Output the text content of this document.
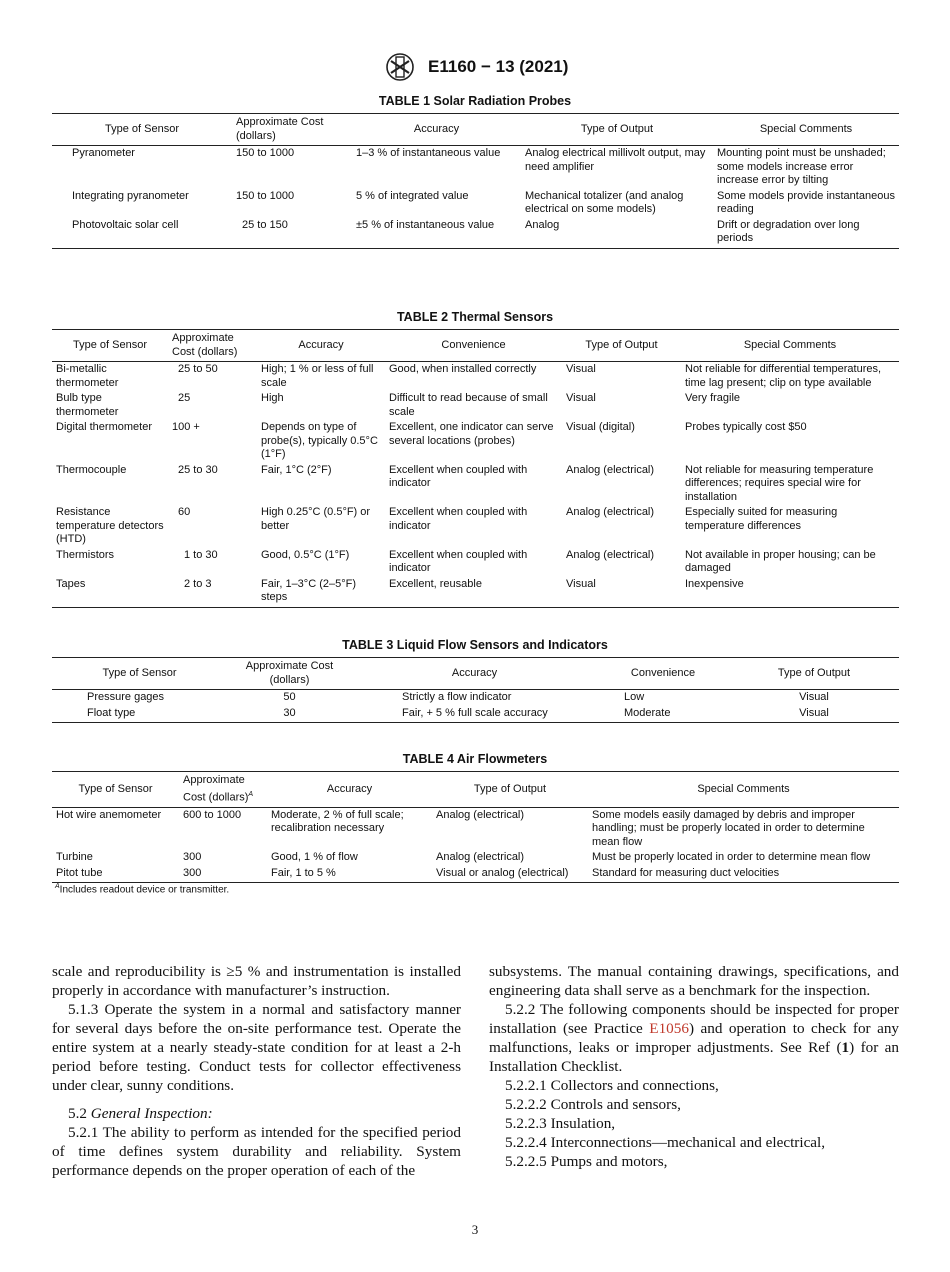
E1160 − 13 (2021)
TABLE 1 Solar Radiation Probes
Type of Sensor	Approximate Cost (dollars)	Accuracy	Type of Output	Special Comments
Pyranometer	150 to 1000	1–3 % of instantaneous value	Analog electrical millivolt output, may need amplifier	Mounting point must be unshaded; some models increase error increase error by tilting
Integrating pyranometer	150 to 1000	5 % of integrated value	Mechanical totalizer (and analog electrical on some models)	Some models provide instantaneous reading
Photovoltaic solar cell	25 to 150	±5 % of instantaneous value	Analog	Drift or degradation over long periods
TABLE 2 Thermal Sensors
Type of Sensor	Approximate Cost (dollars)	Accuracy	Convenience	Type of Output	Special Comments
Bi-metallic thermometer	25 to 50	High; 1 % or less of full scale	Good, when installed correctly	Visual	Not reliable for differential temperatures, time lag present; clip on type available
Bulb type thermometer	25	High	Difficult to read because of small scale	Visual	Very fragile
Digital thermometer	100 +	Depends on type of probe(s), typically 0.5°C (1°F)	Excellent, one indicator can serve several locations (probes)	Visual (digital)	Probes typically cost $50
Thermocouple	25 to 30	Fair, 1°C (2°F)	Excellent when coupled with indicator	Analog (electrical)	Not reliable for measuring temperature differences; requires special wire for installation
Resistance temperature detectors (HTD)	60	High 0.25°C (0.5°F) or better	Excellent when coupled with indicator	Analog (electrical)	Especially suited for measuring temperature differences
Thermistors	1 to 30	Good, 0.5°C (1°F)	Excellent when coupled with indicator	Analog (electrical)	Not available in proper housing; can be damaged
Tapes	2 to 3	Fair, 1–3°C (2–5°F) steps	Excellent, reusable	Visual	Inexpensive
TABLE 3 Liquid Flow Sensors and Indicators
Type of Sensor	Approximate Cost (dollars)	Accuracy	Convenience	Type of Output
Pressure gages	50	Strictly a flow indicator	Low	Visual
Float type	30	Fair, + 5 % full scale accuracy	Moderate	Visual
TABLE 4 Air Flowmeters
Type of Sensor	Approximate Cost (dollars)$^A$	Accuracy	Type of Output	Special Comments
Hot wire anemometer	600 to 1000	Moderate, 2 % of full scale; recalibration necessary	Analog (electrical)	Some models easily damaged by debris and improper handling; must be properly located in order to determine mean flow
Turbine	300	Good, 1 % of flow	Analog (electrical)	Must be properly located in order to determine mean flow
Pitot tube	300	Fair, 1 to 5 %	Visual or analog (electrical)	Standard for measuring duct velocities
$^A$Includes readout device or transmitter.

scale and reproducibility is ≥5 % and instrumentation is installed properly in accordance with manufacturer’s instruction.

5.1.3 Operate the system in a normal and satisfactory manner for several days before the on-site performance test. Operate the entire system at a nearly steady-state condition for at least a 2-h period before testing. Conduct tests for collector effectiveness under clear, sunny conditions.

5.2 General Inspection:

5.2.1 The ability to perform as intended for the specified period of time defines system durability and reliability. System performance depends on the proper operation of each of the

subsystems. The manual containing drawings, specifications, and engineering data shall serve as a benchmark for the inspection.

5.2.2 The following components should be inspected for proper installation (see Practice E1056) and operation to check for any malfunctions, leaks or improper adjustments. See Ref (1) for an Installation Checklist.

5.2.2.1 Collectors and connections,

5.2.2.2 Controls and sensors,

5.2.2.3 Insulation,

5.2.2.4 Interconnections—mechanical and electrical,

5.2.2.5 Pumps and motors,

3
